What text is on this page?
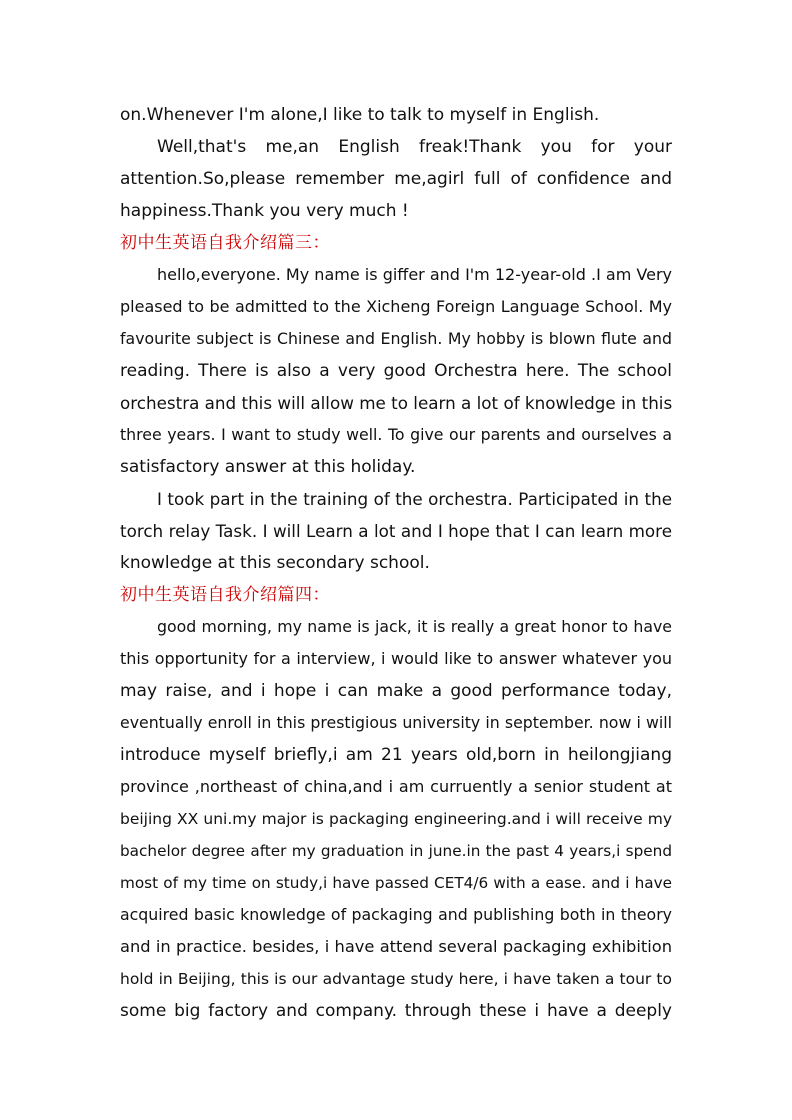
on.Whenever I'm alone,I like to talk to myself in English.
Well,that's me,an English freak!Thank you for your
attention.So,please remember me,agirl full of confidence and
happiness.Thank you very much !
初中生英语自我介绍篇三：
hello,everyone. My name is giffer and I'm 12-year-old .I am Very
pleased to be admitted to the Xicheng Foreign Language School. My
favourite subject is Chinese and English. My hobby is blown flute and
reading. There is also a very good Orchestra here. The school
orchestra and this will allow me to learn a lot of knowledge in this
three years. I want to study well. To give our parents and ourselves a
satisfactory answer at this holiday.
I took part in the training of the orchestra. Participated in the
torch relay Task. I will Learn a lot and I hope that I can learn more
knowledge at this secondary school.
初中生英语自我介绍篇四：
good morning, my name is jack, it is really a great honor to have
this opportunity for a interview, i would like to answer whatever you
may raise, and i hope i can make a good performance today,
eventually enroll in this prestigious university in september. now i will
introduce myself briefly,i am 21 years old,born in heilongjiang
province ,northeast of china,and i am curruently a senior student at
beijing XX uni.my major is packaging engineering.and i will receive my
bachelor degree after my graduation in june.in the past 4 years,i spend
most of my time on study,i have passed CET4/6 with a ease. and i have
acquired basic knowledge of packaging and publishing both in theory
and in practice. besides, i have attend several packaging exhibition
hold in Beijing, this is our advantage study here, i have taken a tour to
some big factory and company. through these i have a deeply
